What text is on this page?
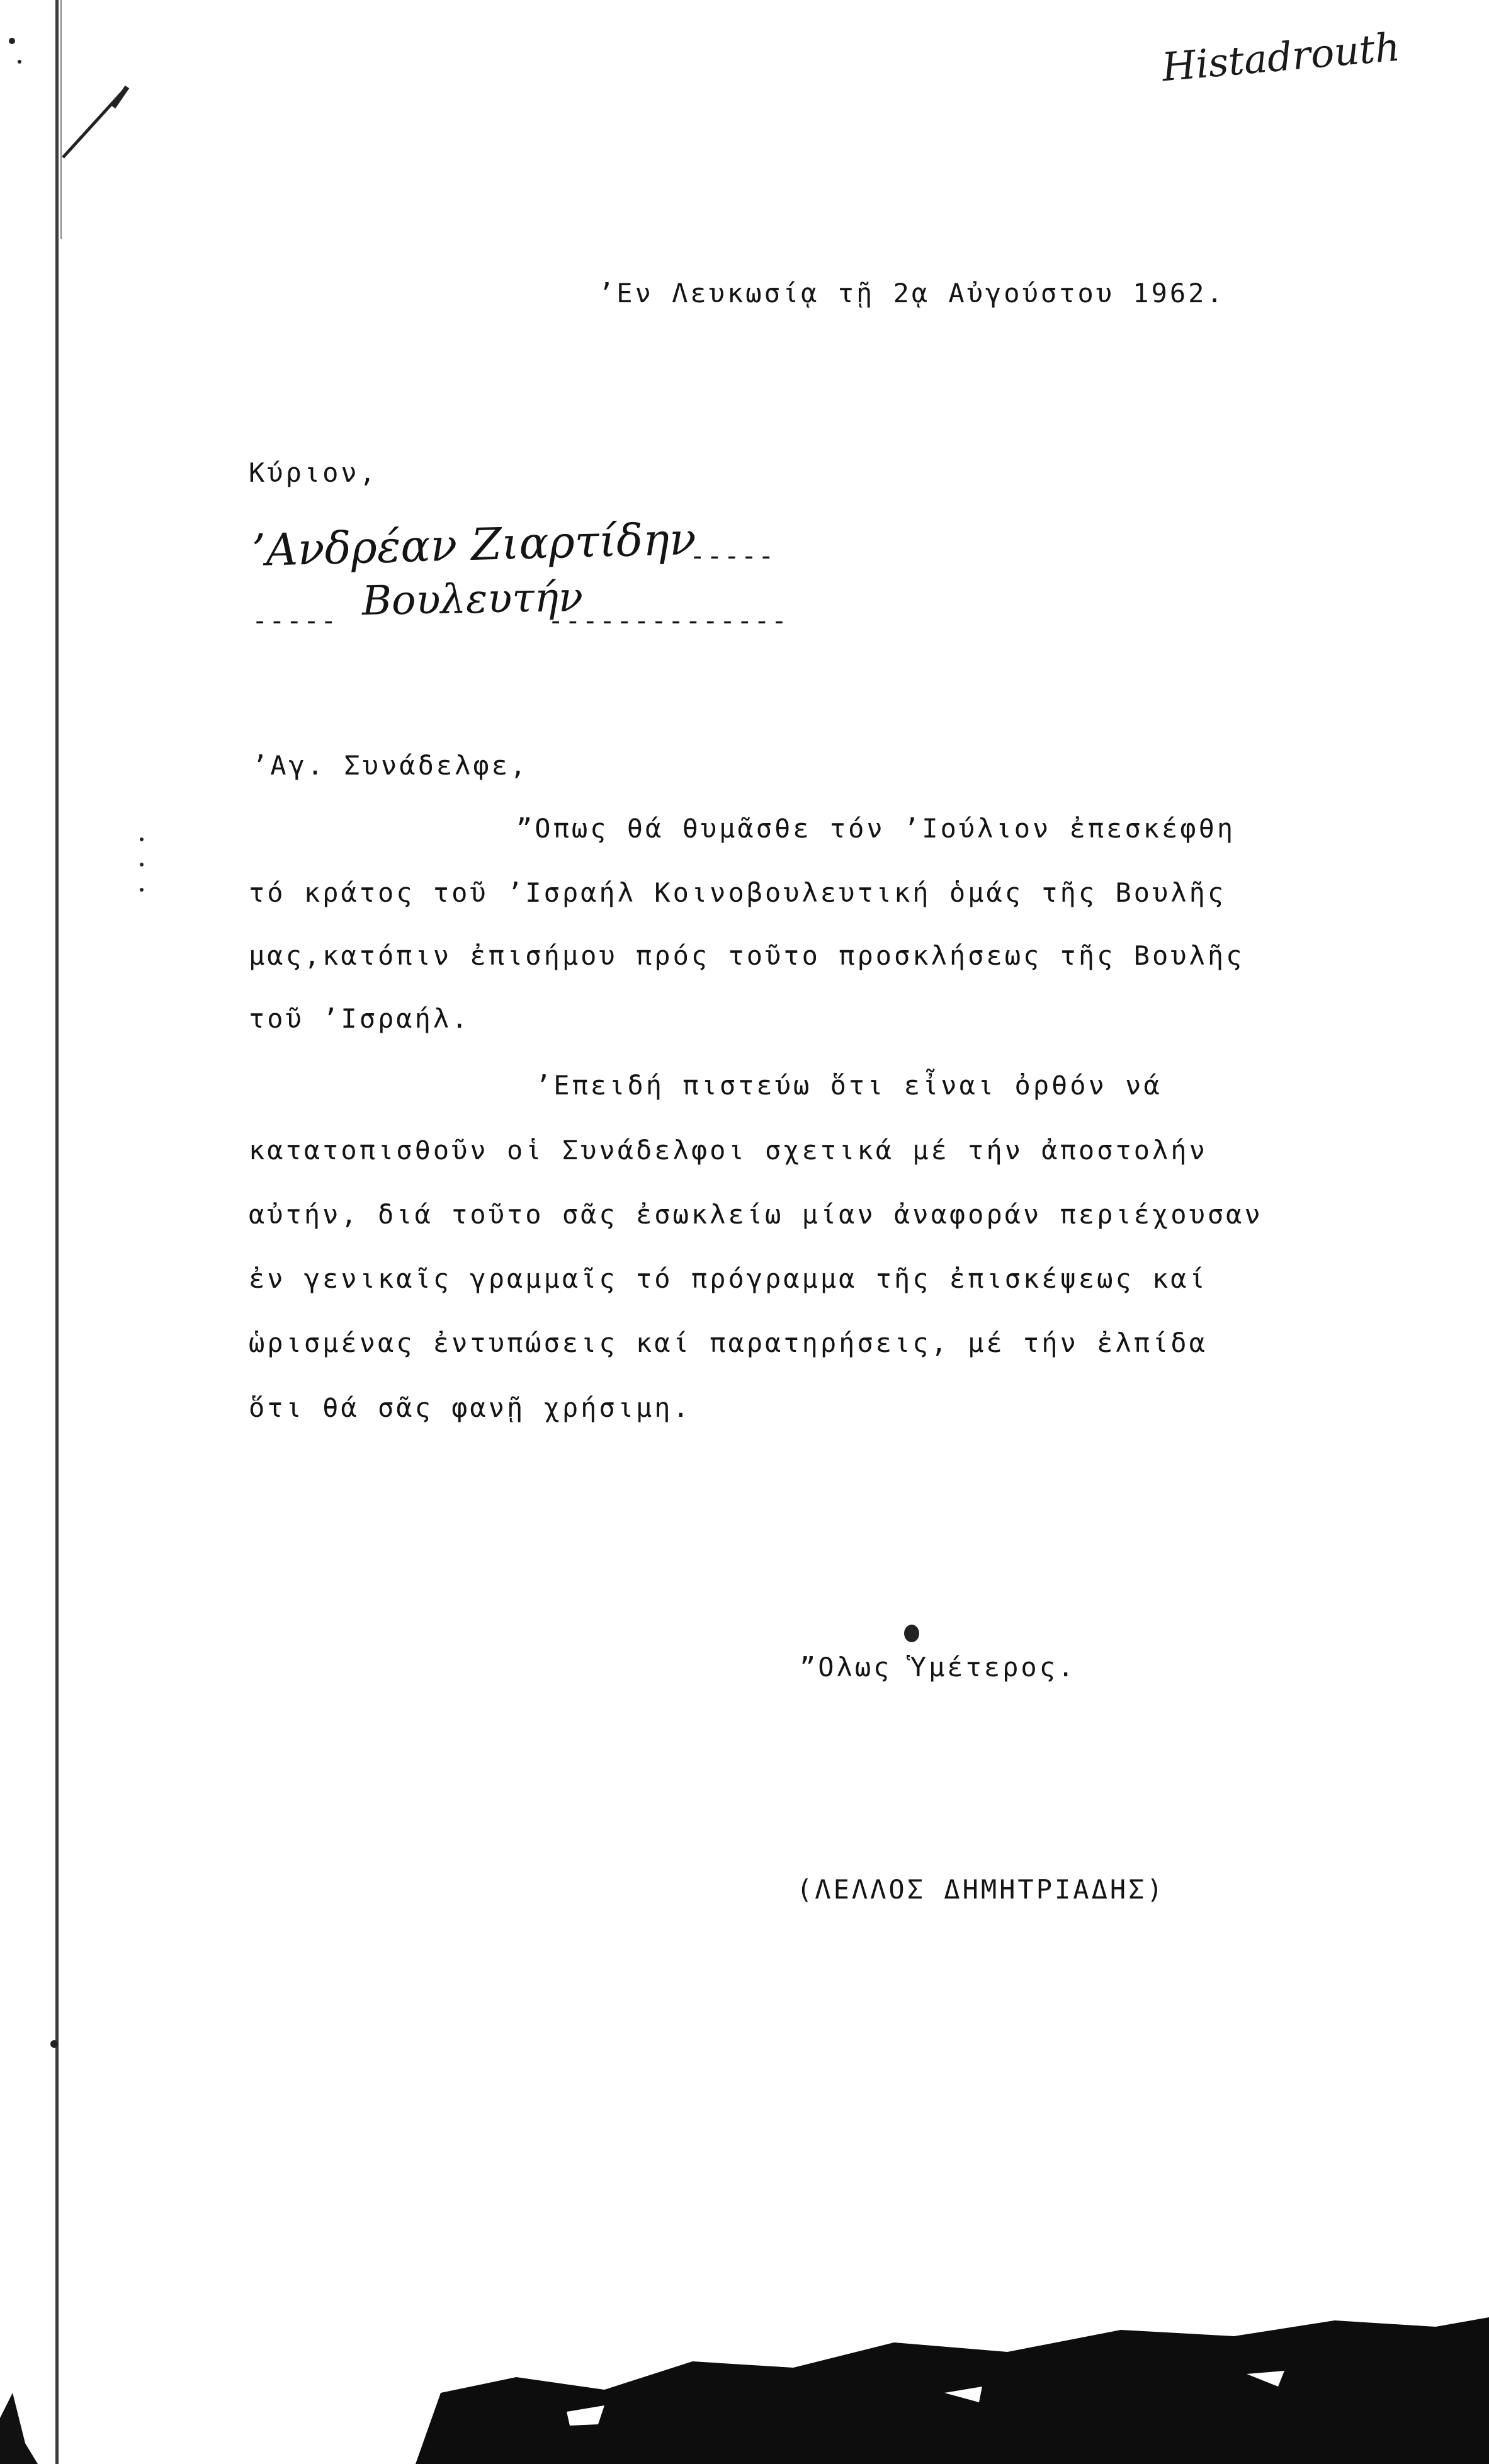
Histadrouth
’Εν Λευκωσίᾳ τῇ 2ᾳ Αὐγούστου 1962.
Κύριον,
’Ανδρέαν Ζιαρτίδην
-----
----- Βουλευτήν
--------------
’Αγ. Συνάδελφε,
ˮΟπως θά θυμᾶσθε τόν ’Ιούλιον ἐπεσκέφθη
τό κράτος τοῦ ’Ισραήλ Κοινοβουλευτική ὁμάς τῆς Βουλῆς
μας,κατόπιν ἐπισήμου πρός τοῦτο προσκλήσεως τῆς Βουλῆς
τοῦ ’Ισραήλ.
’Επειδή πιστεύω ὅτι εἶναι ὀρθόν νά
κατατοπισθοῦν οἱ Συνάδελφοι σχετικά μέ τήν ἀποστολήν
αὐτήν, διά τοῦτο σᾶς ἐσωκλείω μίαν ἀναφοράν περιέχουσαν
ἐν γενικαῖς γραμμαῖς τό πρόγραμμα τῆς ἐπισκέψεως καί
ὡρισμένας ἐντυπώσεις καί παρατηρήσεις, μέ τήν ἐλπίδα
ὅτι θά σᾶς φανῇ χρήσιμη.
ˮΟλως Ὑμέτερος.
(ΛΕΛΛΟΣ ΔΗΜΗΤΡΙΑΔΗΣ)
